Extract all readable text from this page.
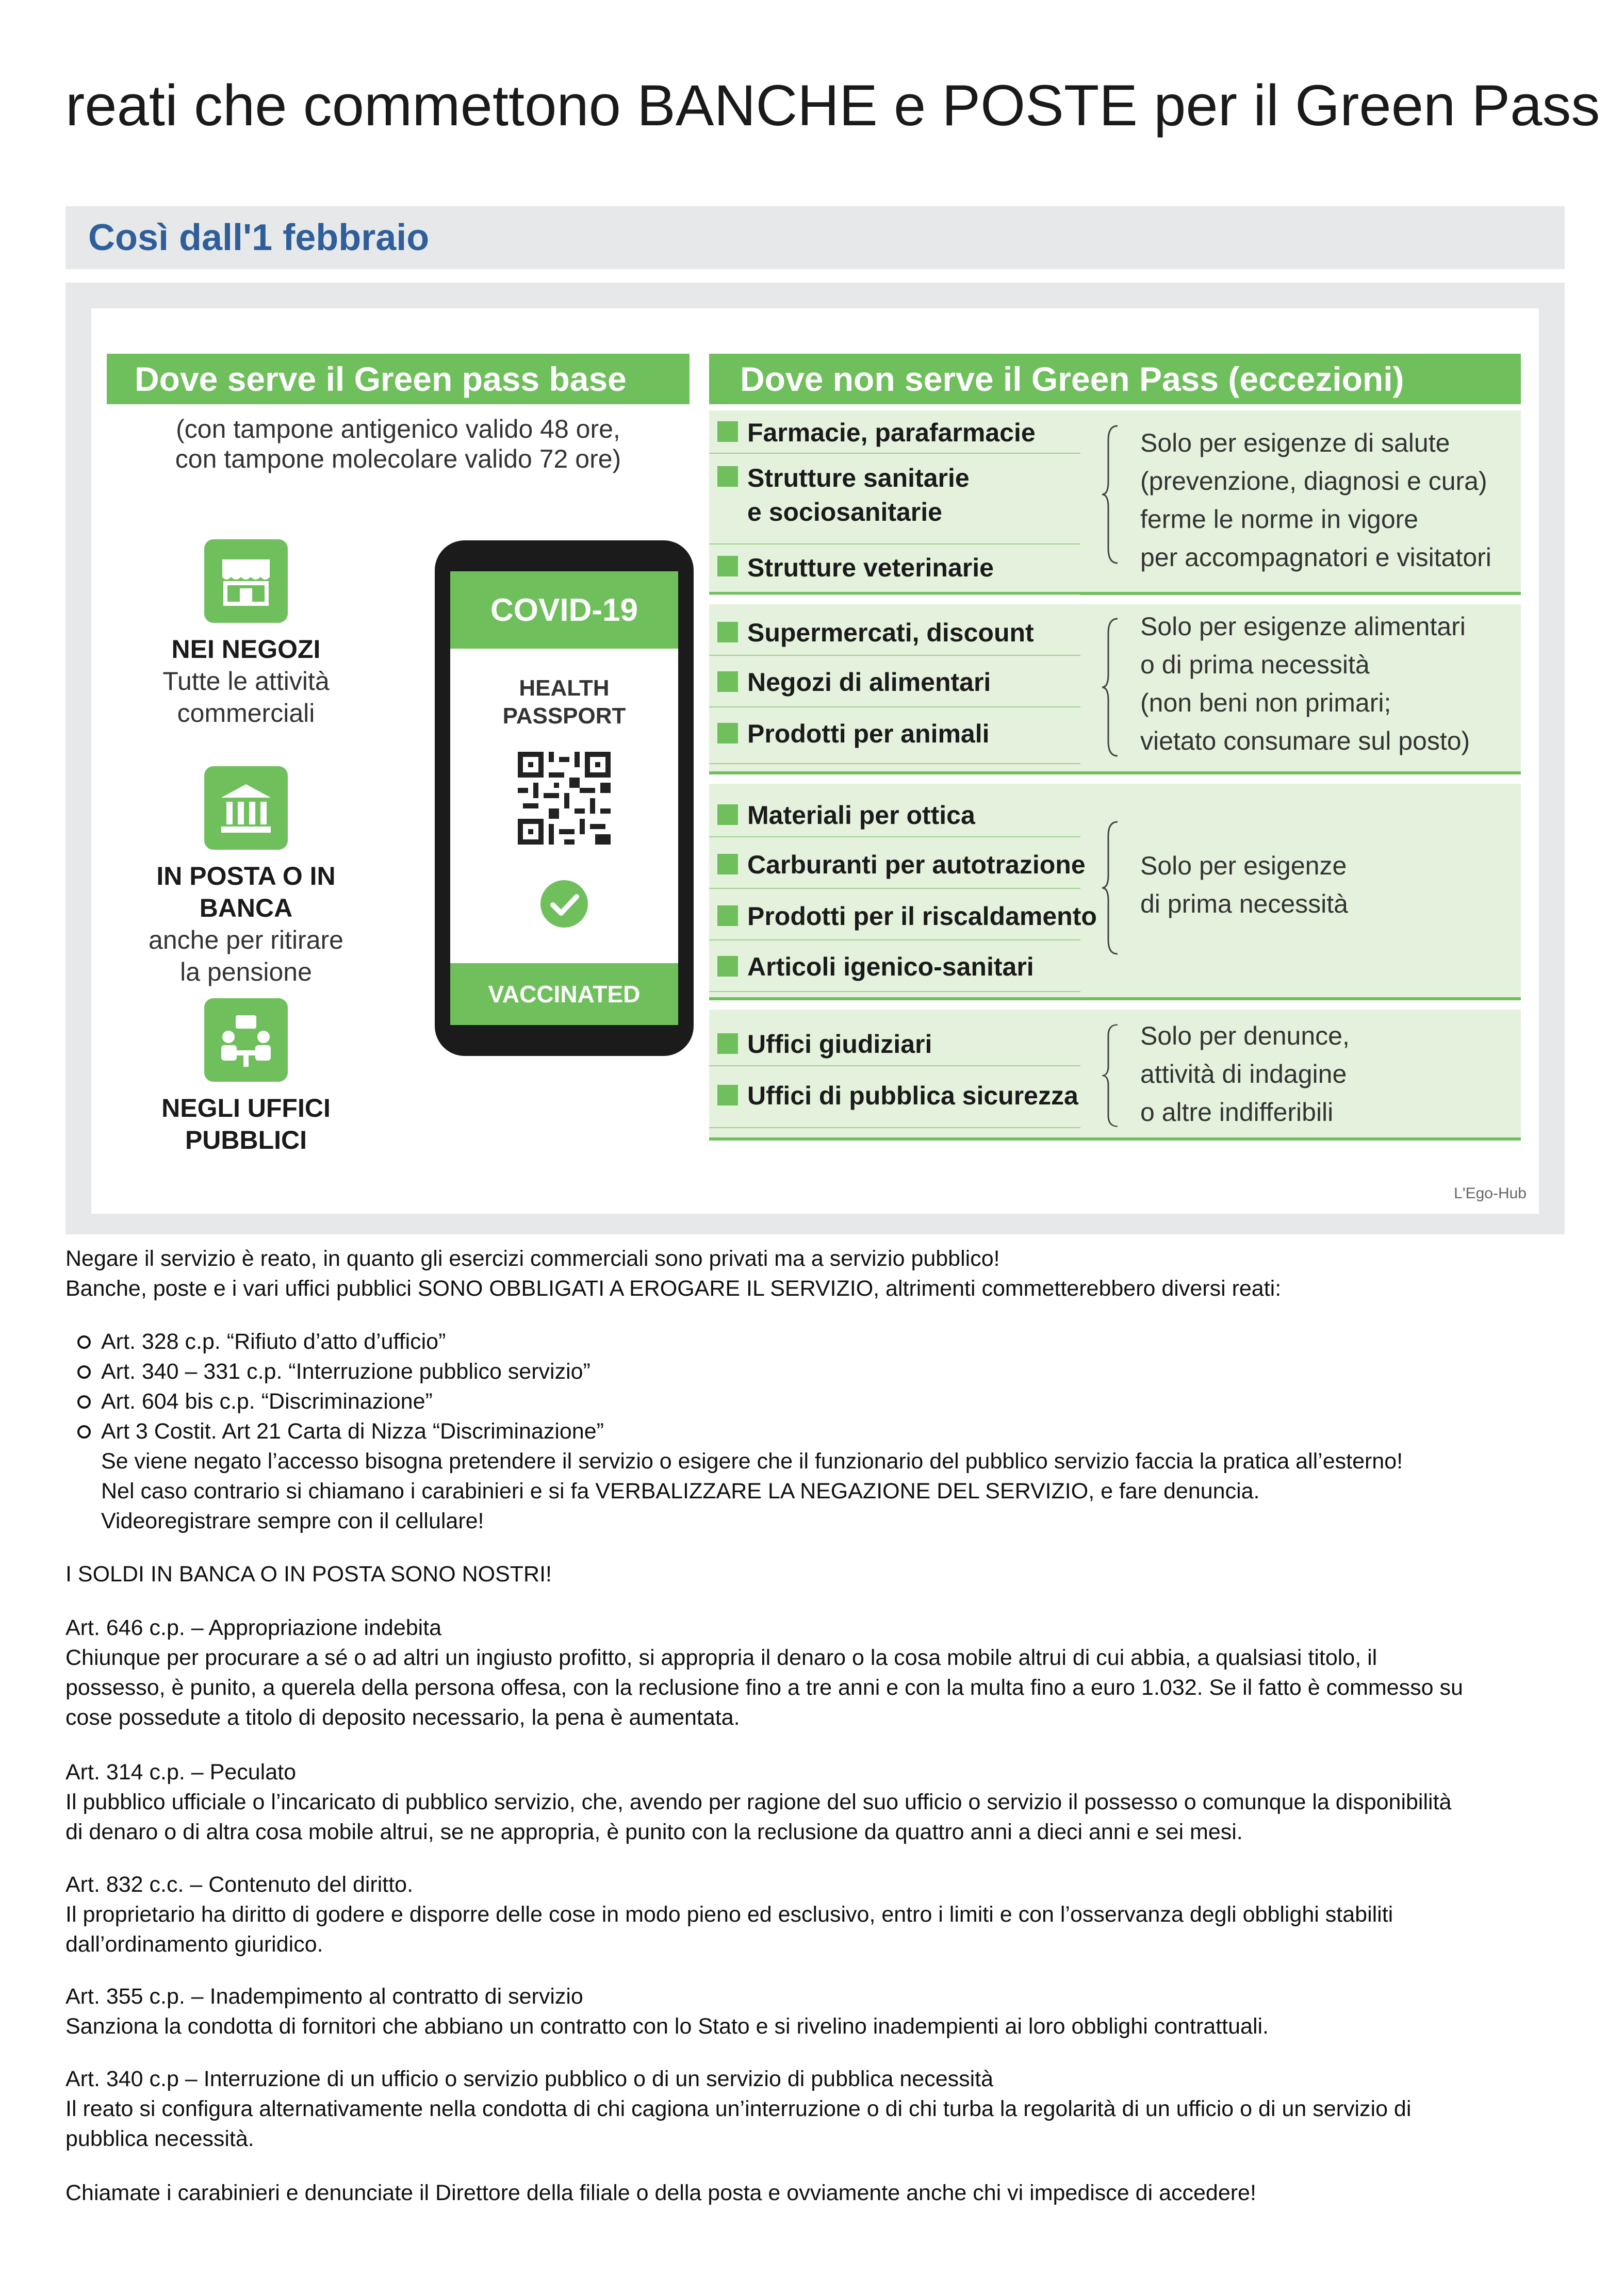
reati che commettono BANCHE e POSTE per il Green Pass
Così dall'1 febbraio
Dove serve il Green pass base
(con tampone antigenico valido 48 ore,
con tampone molecolare valido 72 ore)
NEI NEGOZI
Tutte le attività
commerciali
IN POSTA O IN BANCA
anche per ritirare
la pensione
NEGLI UFFICI
PUBBLICI
COVID-19
HEALTH
PASSPORT
VACCINATED
Dove non serve il Green Pass (eccezioni)
Farmacie, parafarmacie
Strutture sanitarie
e sociosanitarie
Strutture veterinarie
Solo per esigenze di salute
(prevenzione, diagnosi e cura)
ferme le norme in vigore
per accompagnatori e visitatori
Supermercati, discount
Negozi di alimentari
Prodotti per animali
Solo per esigenze alimentari
o di prima necessità
(non beni non primari;
vietato consumare sul posto)
Materiali per ottica
Carburanti per autotrazione
Prodotti per il riscaldamento
Articoli igenico-sanitari
Solo per esigenze
di prima necessità
Uffici giudiziari
Uffici di pubblica sicurezza
Solo per denunce,
attività di indagine
o altre indifferibili
L'Ego-Hub
Negare il servizio è reato, in quanto gli esercizi commerciali sono privati ma a servizio pubblico!
Banche, poste e i vari uffici pubblici SONO OBBLIGATI A EROGARE IL SERVIZIO, altrimenti commetterebbero diversi reati:
Art. 328 c.p. “Rifiuto d’atto d’ufficio”
Art. 340 – 331 c.p. “Interruzione pubblico servizio”
Art. 604 bis c.p. “Discriminazione”
Art 3 Costit. Art 21 Carta di Nizza “Discriminazione”
Se viene negato l’accesso bisogna pretendere il servizio o esigere che il funzionario del pubblico servizio faccia la pratica all’esterno!
Nel caso contrario si chiamano i carabinieri e si fa VERBALIZZARE LA NEGAZIONE DEL SERVIZIO, e fare denuncia.
Videoregistrare sempre con il cellulare!
I SOLDI IN BANCA O IN POSTA SONO NOSTRI!
Art. 646 c.p. – Appropriazione indebita
Chiunque per procurare a sé o ad altri un ingiusto profitto, si appropria il denaro o la cosa mobile altrui di cui abbia, a qualsiasi titolo, il
possesso, è punito, a querela della persona offesa, con la reclusione fino a tre anni e con la multa fino a euro 1.032. Se il fatto è commesso su
cose possedute a titolo di deposito necessario, la pena è aumentata.
Art. 314 c.p. – Peculato
Il pubblico ufficiale o l’incaricato di pubblico servizio, che, avendo per ragione del suo ufficio o servizio il possesso o comunque la disponibilità
di denaro o di altra cosa mobile altrui, se ne appropria, è punito con la reclusione da quattro anni a dieci anni e sei mesi.
Art. 832 c.c. – Contenuto del diritto.
Il proprietario ha diritto di godere e disporre delle cose in modo pieno ed esclusivo, entro i limiti e con l’osservanza degli obblighi stabiliti
dall’ordinamento giuridico.
Art. 355 c.p. – Inadempimento al contratto di servizio
Sanziona la condotta di fornitori che abbiano un contratto con lo Stato e si rivelino inadempienti ai loro obblighi contrattuali.
Art. 340 c.p – Interruzione di un ufficio o servizio pubblico o di un servizio di pubblica necessità
Il reato si configura alternativamente nella condotta di chi cagiona un’interruzione o di chi turba la regolarità di un ufficio o di un servizio di
pubblica necessità.
Chiamate i carabinieri e denunciate il Direttore della filiale o della posta e ovviamente anche chi vi impedisce di accedere!
